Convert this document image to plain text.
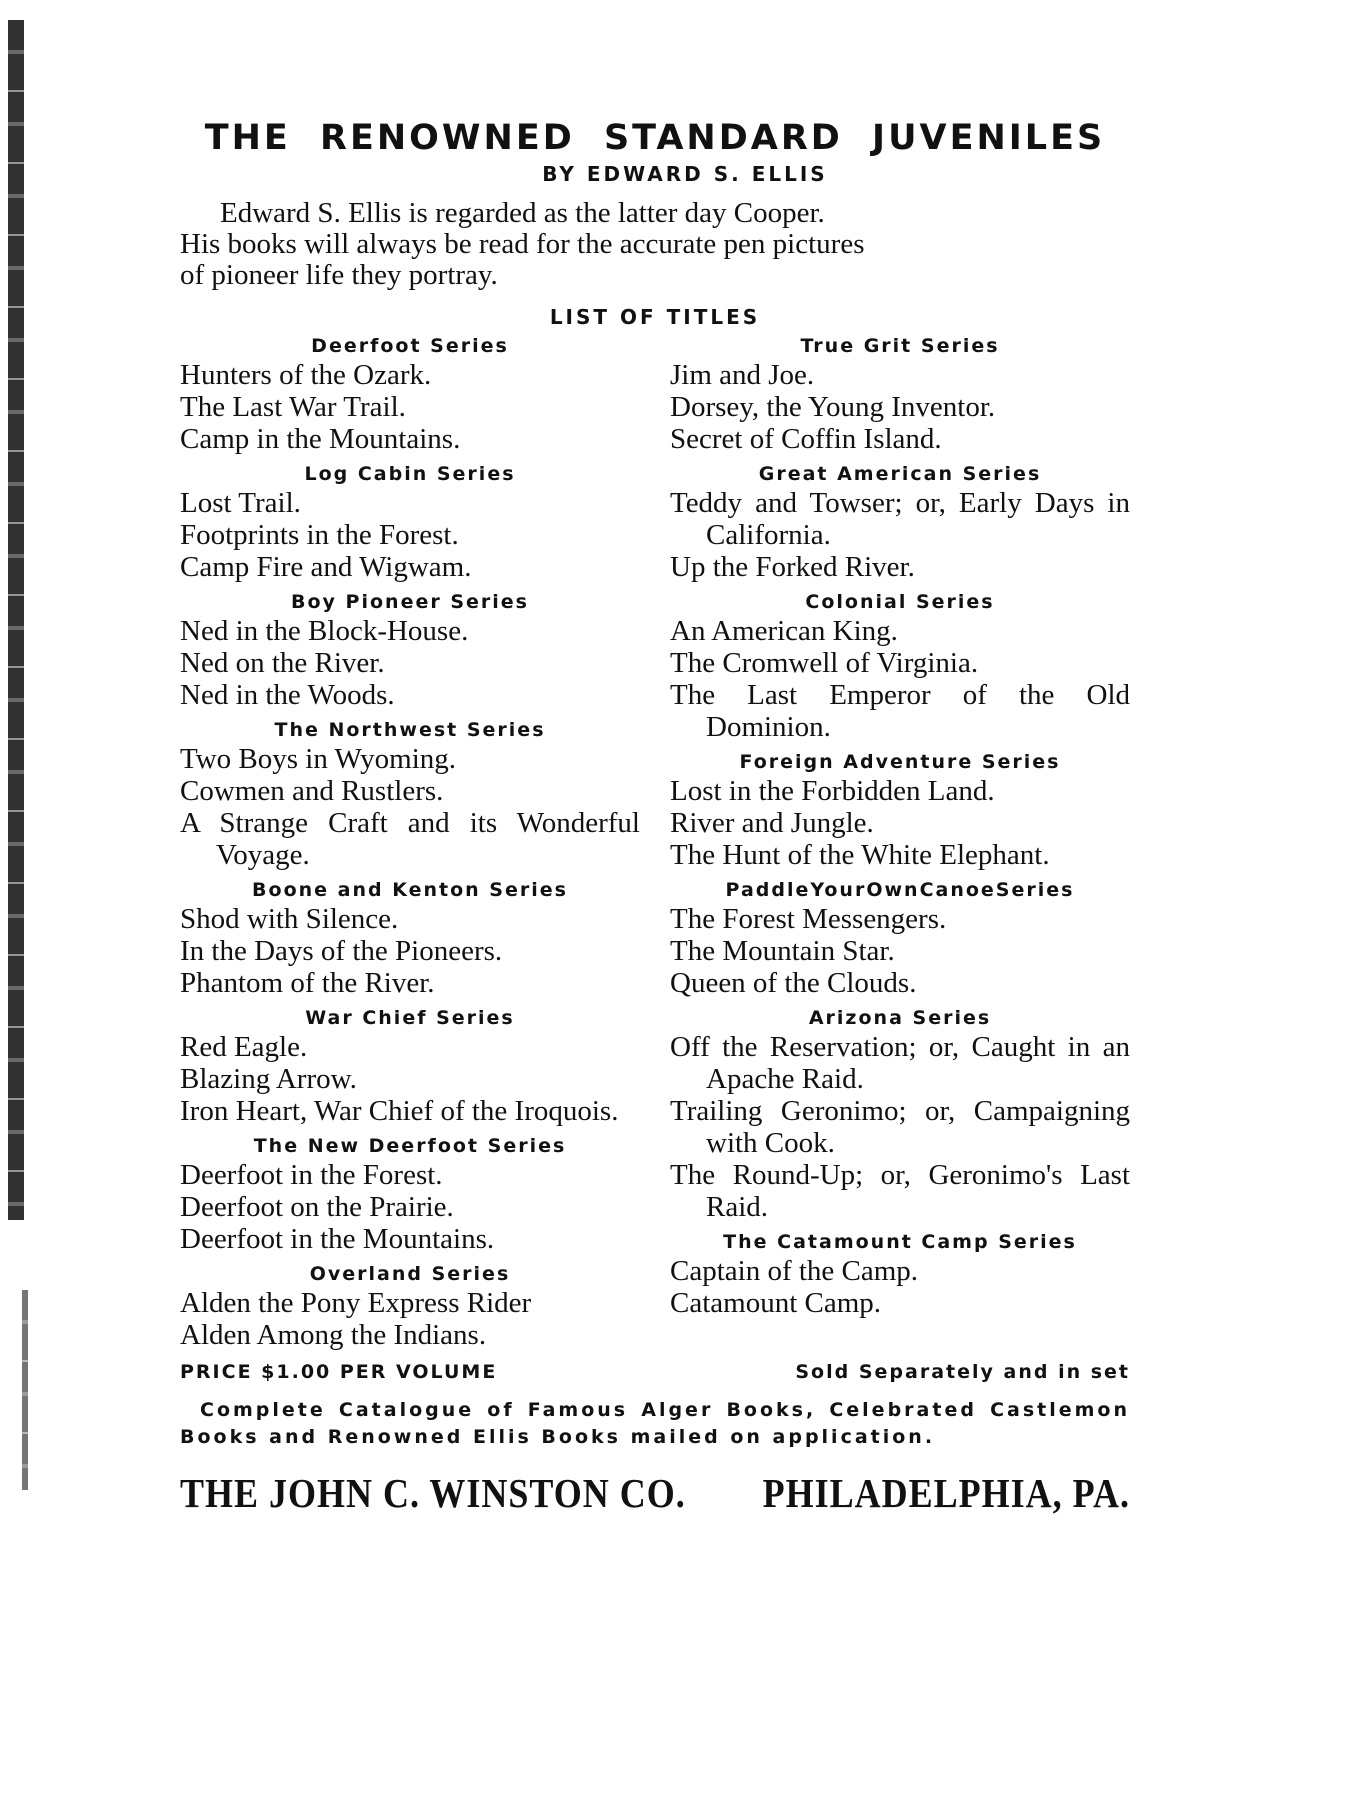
THE RENOWNED STANDARD JUVENILES
BY EDWARD S. ELLIS

Edward S. Ellis is regarded as the latter day Cooper.
His books will always be read for the accurate pen pictures
of pioneer life they portray.

LIST OF TITLES
Deerfoot Series
Hunters of the Ozark.
The Last War Trail.
Camp in the Mountains.
Log Cabin Series
Lost Trail.
Footprints in the Forest.
Camp Fire and Wigwam.
Boy Pioneer Series
Ned in the Block-House.
Ned on the River.
Ned in the Woods.
The Northwest Series
Two Boys in Wyoming.
Cowmen and Rustlers.
A Strange Craft and its Wonderful Voyage.
Boone and Kenton Series
Shod with Silence.
In the Days of the Pioneers.
Phantom of the River.
War Chief Series
Red Eagle.
Blazing Arrow.
Iron Heart, War Chief of the Iroquois.
The New Deerfoot Series
Deerfoot in the Forest.
Deerfoot on the Prairie.
Deerfoot in the Mountains.
Overland Series
Alden the Pony Express Rider
Alden Among the Indians.
True Grit Series
Jim and Joe.
Dorsey, the Young Inventor.
Secret of Coffin Island.
Great American Series
Teddy and Towser; or, Early Days in California.
Up the Forked River.
Colonial Series
An American King.
The Cromwell of Virginia.
The Last Emperor of the Old Dominion.
Foreign Adventure Series
Lost in the Forbidden Land.
River and Jungle.
The Hunt of the White Elephant.
PaddleYourOwnCanoeSeries
The Forest Messengers.
The Mountain Star.
Queen of the Clouds.
Arizona Series
Off the Reservation; or, Caught in an Apache Raid.
Trailing Geronimo; or, Campaigning with Cook.
The Round-Up; or, Geronimo's Last Raid.
The Catamount Camp Series
Captain of the Camp.
Catamount Camp.
PRICE $1.00 PER VOLUME	Sold Separately and in set
Complete Catalogue of Famous Alger Books, Celebrated Castlemon Books and Renowned Ellis Books mailed on application.
THE JOHN C. WINSTON CO. PHILADELPHIA, PA.
